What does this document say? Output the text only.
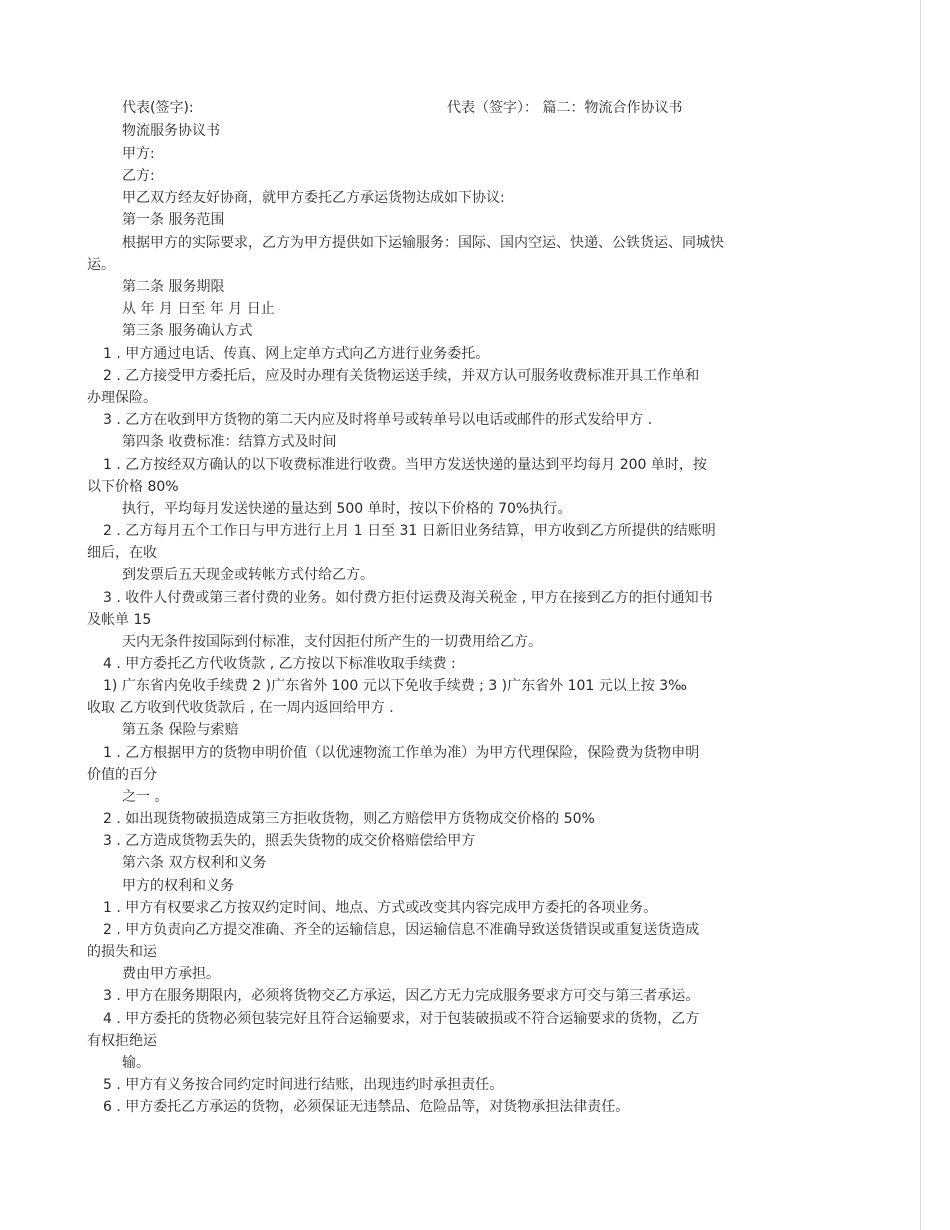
代表(签字):	代表（签字）： 篇二：物流合作协议书
物流服务协议书
甲方:
乙方:
甲乙双方经友好协商，就甲方委托乙方承运货物达成如下协议:
第一条 服务范围
根据甲方的实际要求，乙方为甲方提供如下运输服务：国际、国内空运、快递、公铁货运、同城快
运。
第二条 服务期限
从 年 月 日至 年 月 日止
第三条 服务确认方式
1 . 甲方通过电话、传真、网上定单方式向乙方进行业务委托。
2 . 乙方接受甲方委托后，应及时办理有关货物运送手续，并双方认可服务收费标准开具工作单和
办理保险。
3 . 乙方在收到甲方货物的第二天内应及时将单号或转单号以电话或邮件的形式发给甲方 .
第四条 收费标准：结算方式及时间
1 . 乙方按经双方确认的以下收费标准进行收费。当甲方发送快递的量达到平均每月 200 单时，按
以下价格 80%
执行，平均每月发送快递的量达到 500 单时，按以下价格的 70%执行。
2 . 乙方每月五个工作日与甲方进行上月 1 日至 31 日新旧业务结算，甲方收到乙方所提供的结账明
细后，在收
到发票后五天现金或转帐方式付给乙方。
3 . 收件人付费或第三者付费的业务。如付费方拒付运费及海关税金 , 甲方在接到乙方的拒付通知书
及帐单 15
天内无条件按国际到付标准，支付因拒付所产生的一切费用给乙方。
4 . 甲方委托乙方代收货款 , 乙方按以下标准收取手续费 :
1) 广东省内免收手续费 2 )广东省外 100 元以下免收手续费 ; 3 )广东省外 101 元以上按 3‰
收取 乙方收到代收货款后 , 在一周内返回给甲方 .
第五条 保险与索赔
1 . 乙方根据甲方的货物申明价值（以优速物流工作单为准）为甲方代理保险，保险费为货物申明
价值的百分
之一 。
2 . 如出现货物破损造成第三方拒收货物，则乙方赔偿甲方货物成交价格的 50%
3 . 乙方造成货物丢失的，照丢失货物的成交价格赔偿给甲方
第六条 双方权利和义务
甲方的权利和义务
1 . 甲方有权要求乙方按双约定时间、地点、方式或改变其内容完成甲方委托的各项业务。
2 . 甲方负责向乙方提交准确、齐全的运输信息，因运输信息不准确导致送货错误或重复送货造成
的损失和运
费由甲方承担。
3 . 甲方在服务期限内，必须将货物交乙方承运，因乙方无力完成服务要求方可交与第三者承运。
4 . 甲方委托的货物必须包装完好且符合运输要求，对于包装破损或不符合运输要求的货物，乙方
有权拒绝运
输。
5 . 甲方有义务按合同约定时间进行结账，出现违约时承担责任。
6 . 甲方委托乙方承运的货物，必须保证无违禁品、危险品等，对货物承担法律责任。
